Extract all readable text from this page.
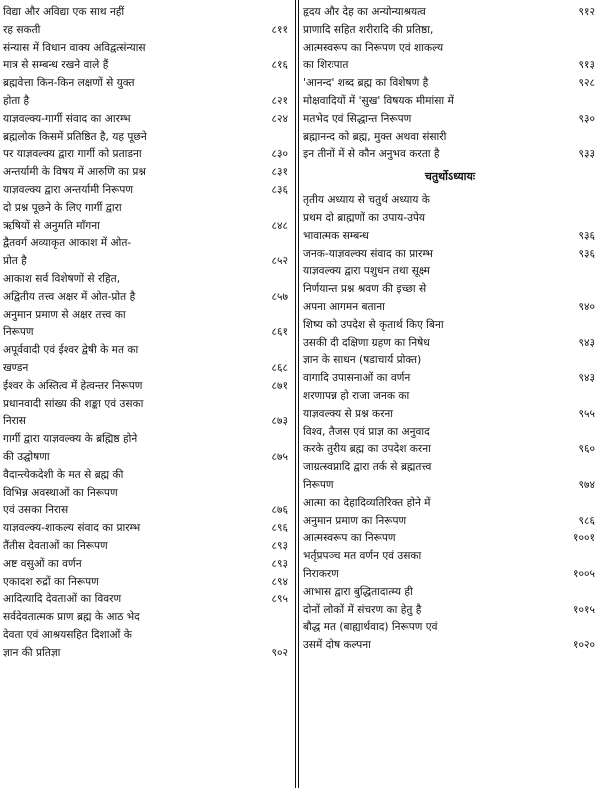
विद्या और अविद्या एक साथ नहीं
रह सकती	८११
संन्यास में विधान वाक्य अविद्वत्संन्यास
मात्र से सम्बन्ध रखने वाले हैं	८१६
ब्रह्मवेत्ता किन-किन लक्षणों से युक्त
होता है	८२१
याज्ञवल्क्य-गार्गी संवाद का आरम्भ	८२४
ब्रह्मलोक किसमें प्रतिष्ठित है, यह पूछने
पर याज्ञवल्क्य द्वारा गार्गी को प्रताडना	८३०
अन्तर्यामी के विषय में आरुणि का प्रश्न	८३१
याज्ञवल्क्य द्वारा अन्तर्यामी निरूपण	८३६
दो प्रश्न पूछने के लिए गार्गी द्वारा
ऋषियों से अनुमति माँगना	८४८
द्वैतवर्ग अव्याकृत आकाश में ओत-
प्रोत है	८५२
आकाश सर्व विशेषणों से रहित,
अद्वितीय तत्त्व अक्षर में ओत-प्रोत है	८५७
अनुमान प्रमाण से अक्षर तत्त्व का
निरूपण	८६१
अपूर्ववादी एवं ईश्वर द्वेषी के मत का
खण्डन	८६८
ईश्वर के अस्तित्व में हेत्वन्तर निरूपण	८७१
प्रधानवादी सांख्य की शङ्का एवं उसका
निरास	८७३
गार्गी द्वारा याज्ञवल्क्य के ब्रह्मिष्ठ होने
की उद्घोषणा	८७५
वैदान्त्येकदेशी के मत से ब्रह्म की
विभिन्न अवस्थाओं का निरूपण
एवं उसका निरास	८७६
याज्ञवल्क्य-शाकल्य संवाद का प्रारम्भ	८९६
तैंतीस देवताओं का निरूपण	८९३
अष्ट वसुओं का वर्णन	८९३
एकादश रुद्रों का निरूपण	८९४
आदित्यादि देवताओं का विवरण	८९५
सर्वदेवतात्मक प्राण ब्रह्म के आठ भेद
देवता एवं आश्रयसहित दिशाओं के
ज्ञान की प्रतिज्ञा	९०२
हृदय और देह का अन्योन्याश्रयत्व	९१२
प्राणादि सहित शरीरादि की प्रतिष्ठा,
आत्मस्वरूप का निरूपण एवं शाकल्य
का शिरःपात	९१३
'आनन्द' शब्द ब्रह्म का विशेषण है	९२८
मोक्षवादियों में 'सुख' विषयक मीमांसा में
मतभेद एवं सिद्धान्त निरूपण	९३०
ब्रह्मानन्द को ब्रह्म, मुक्त अथवा संसारी
इन तीनों में से कौन अनुभव करता है	९३३
चतुर्थोऽध्यायः
तृतीय अध्याय से चतुर्थ अध्याय के
प्रथम दो ब्राह्मणों का उपाय-उपेय
भावात्मक सम्बन्ध	९३६
जनक-याज्ञवल्क्य संवाद का प्रारम्भ	९३६
याज्ञवल्क्य द्वारा पशुधन तथा सूक्ष्म
निर्णयान्त प्रश्न श्रवण की इच्छा से
अपना आगमन बताना	९४०
शिष्य को उपदेश से कृतार्थ किए बिना
उसकी दी दक्षिणा ग्रहण का निषेध	९४३
ज्ञान के साधन (षडाचार्य प्रोक्त)
वागादि उपासनाओं का वर्णन	९४३
शरणापन्न हो राजा जनक का
याज्ञवल्क्य से प्रश्न करना	९५५
विश्व, तैजस एवं प्राज्ञ का अनुवाद
करके तुरीय ब्रह्म का उपदेश करना	९६०
जाग्रत्स्वप्नादि द्वारा तर्क से ब्रह्मतत्त्व
निरूपण	९७४
आत्मा का देहादिव्यतिरिक्त होने में
अनुमान प्रमाण का निरूपण	९८६
आत्मस्वरूप का निरूपण	१००१
भर्तृप्रपञ्च मत वर्णन एवं उसका
निराकरण	१००५
आभास द्वारा बुद्धितादात्म्य ही
दोनों लोकों में संचरण का हेतु है	१०१५
बौद्ध मत (बाह्यार्थवाद) निरूपण एवं
उसमें दोष कल्पना	१०२०
